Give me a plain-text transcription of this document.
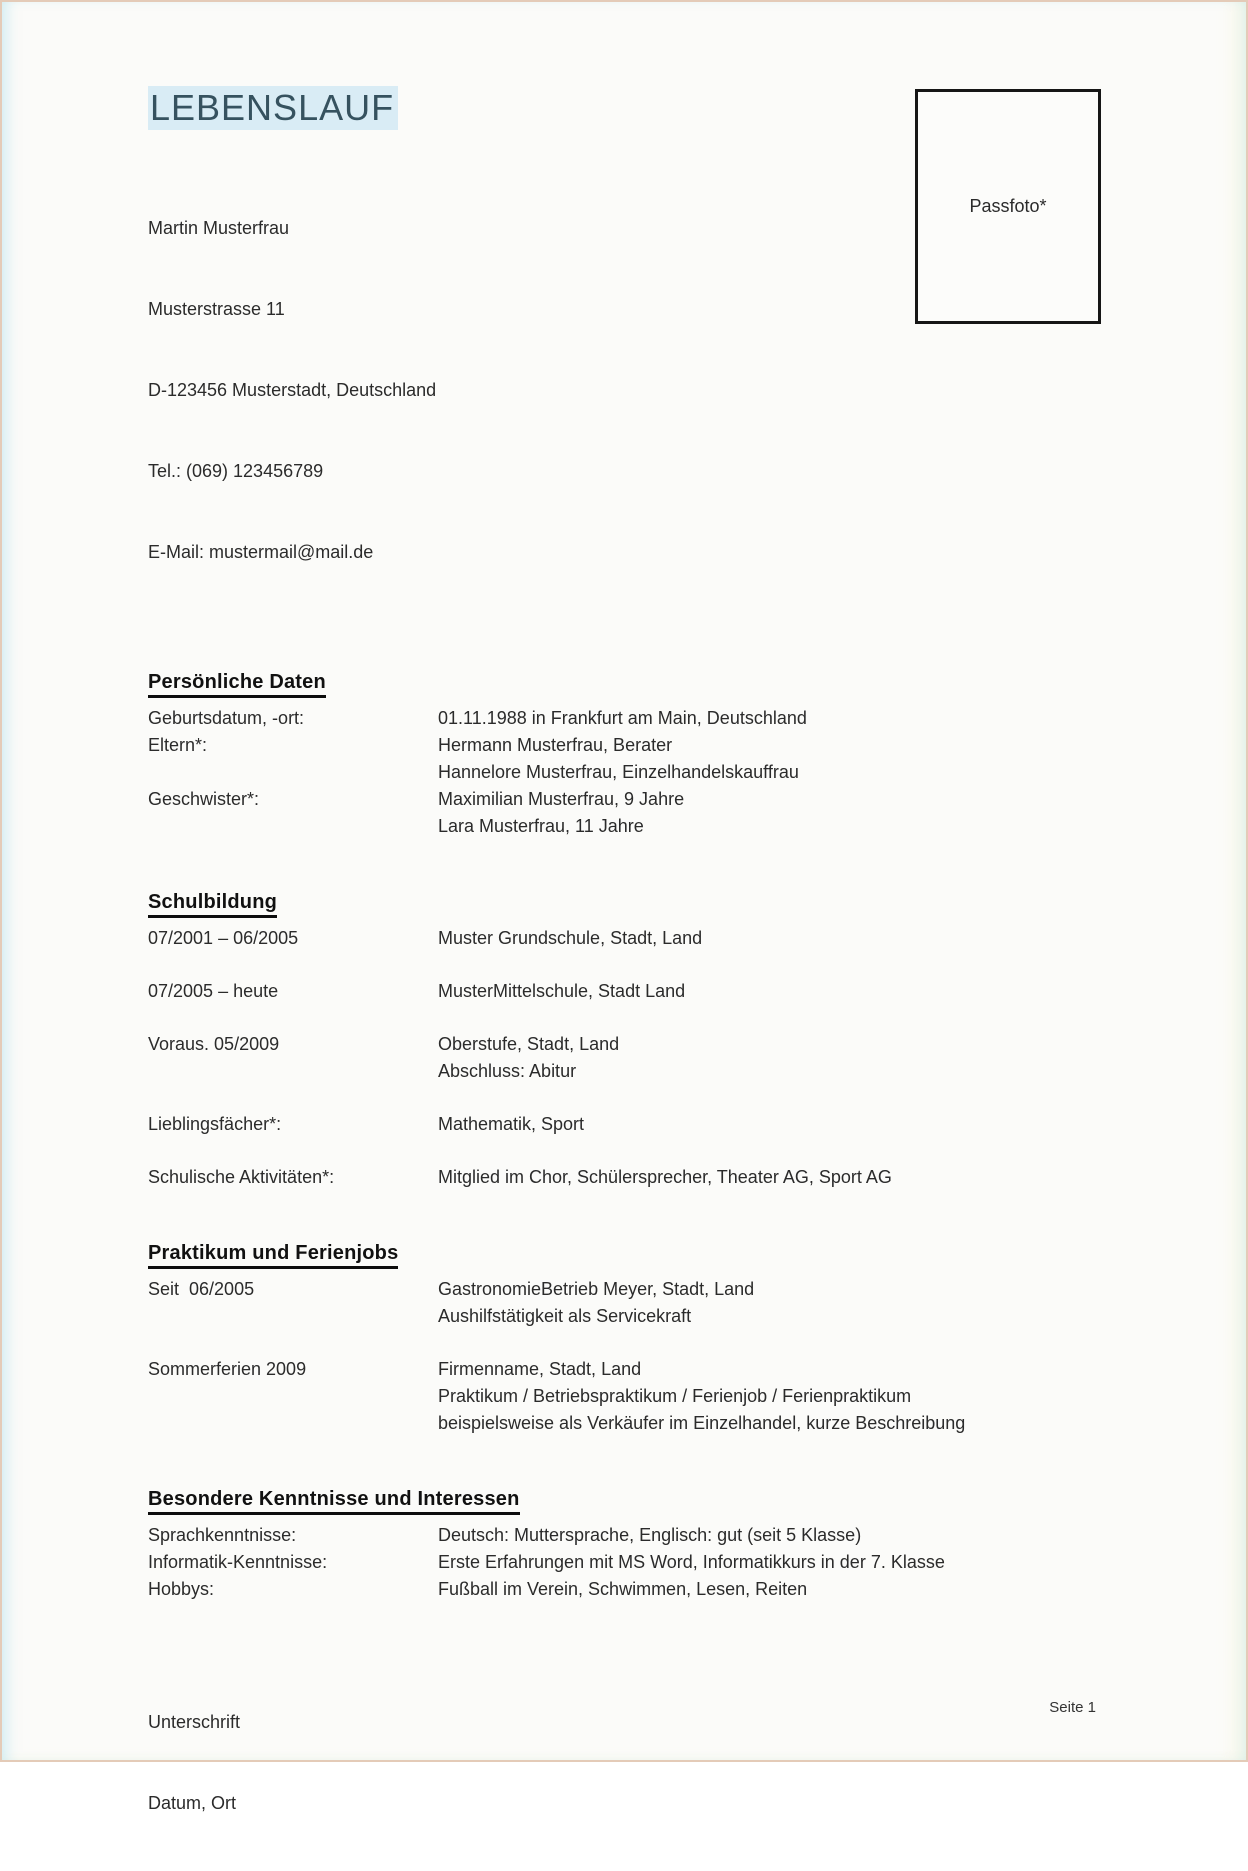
Passfoto*
LEBENSLAUF

Martin Musterfrau

Musterstrasse 11

D-123456 Musterstadt, Deutschland

Tel.: (069) 123456789

E-Mail: mustermail@mail.de

Persönliche Daten
Geburtsdatum, -ort:	01.11.1988 in Frankfurt am Main, Deutschland
Eltern*:	Hermann Musterfrau, Berater
Hannelore Musterfrau, Einzelhandelskauffrau
Geschwister*:	Maximilian Musterfrau, 9 Jahre
Lara Musterfrau, 11 Jahre
Schulbildung
07/2001 – 06/2005	Muster Grundschule, Stadt, Land
07/2005 – heute	MusterMittelschule, Stadt Land
Voraus. 05/2009	Oberstufe, Stadt, Land
Abschluss: Abitur
Lieblingsfächer*:	Mathematik, Sport
Schulische Aktivitäten*:	Mitglied im Chor, Schülersprecher, Theater AG, Sport AG
Praktikum und Ferienjobs
Seit  06/2005	GastronomieBetrieb Meyer, Stadt, Land
Aushilfstätigkeit als Servicekraft
Sommerferien 2009	Firmenname, Stadt, Land
Praktikum / Betriebspraktikum / Ferienjob / Ferienpraktikum
beispielsweise als Verkäufer im Einzelhandel, kurze Beschreibung
Besondere Kenntnisse und Interessen
Sprachkenntnisse:	Deutsch: Muttersprache, Englisch: gut (seit 5 Klasse)
Informatik-Kenntnisse:	Erste Erfahrungen mit MS Word, Informatikkurs in der 7. Klasse
Hobbys:	Fußball im Verein, Schwimmen, Lesen, Reiten

Unterschrift

Datum, Ort

Seite 1
